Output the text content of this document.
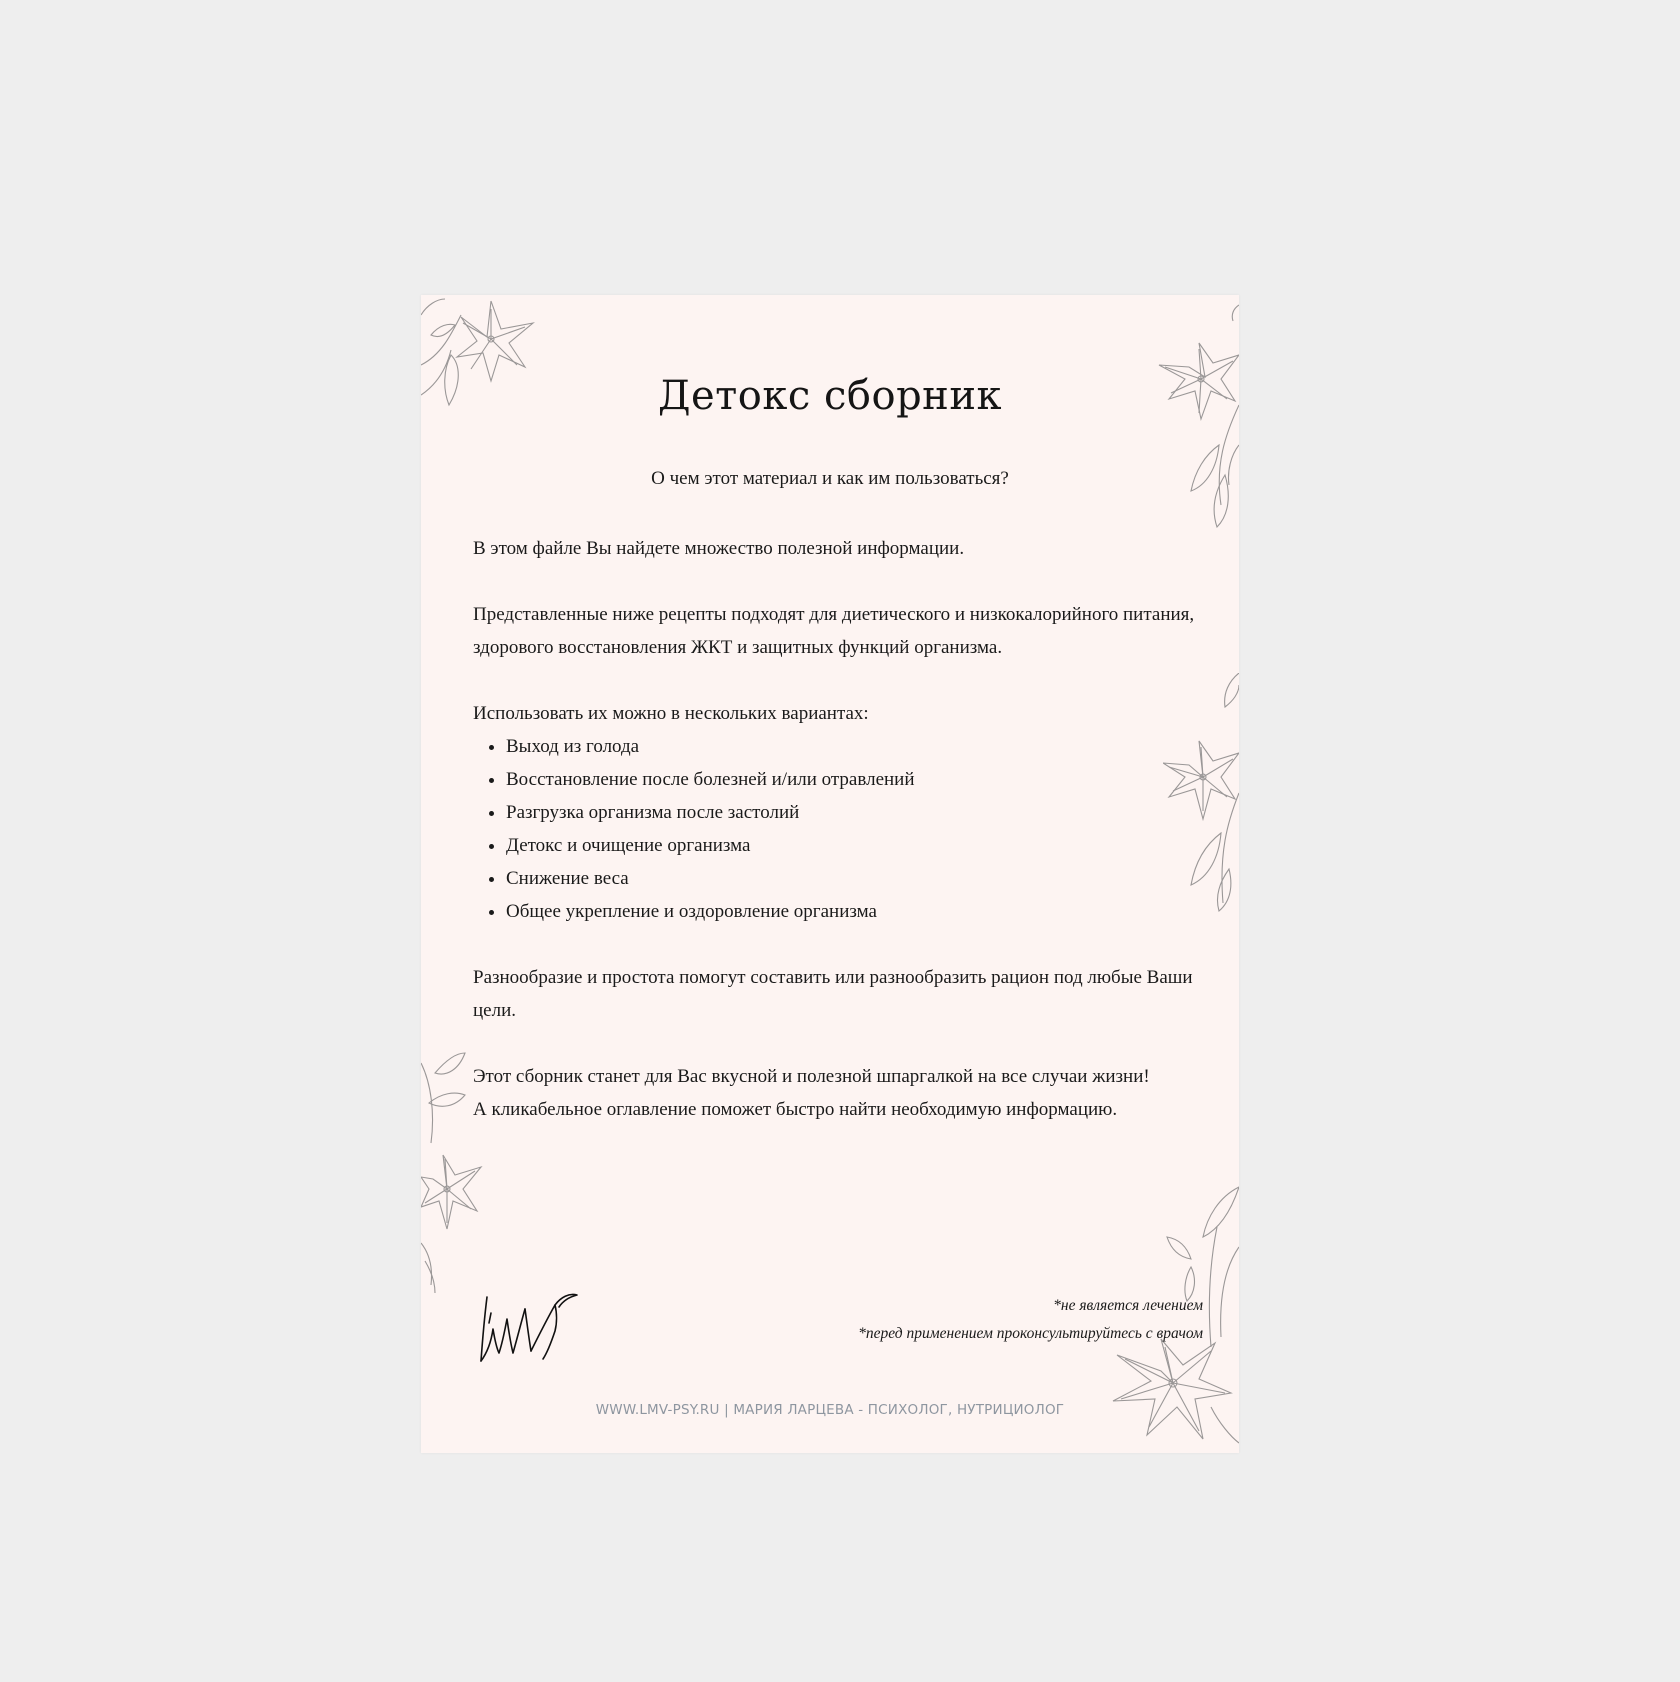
Детокс сборник
О чем этот материал и как им пользоваться?

В этом файле Вы найдете множество полезной информации.

Представленные ниже рецепты подходят для диетического и низкокалорийного питания, здорового восстановления ЖКТ и защитных функций организма.

Использовать их можно в нескольких вариантах:

• Выход из голода
• Восстановление после болезней и/или отравлений
• Разгрузка организма после застолий
• Детокс и очищение организма
• Снижение веса
• Общее укрепление и оздоровление организма

Разнообразие и простота помогут составить или разнообразить рацион под любые Ваши цели.

Этот сборник станет для Вас вкусной и полезной шпаргалкой на все случаи жизни!

А кликабельное оглавление поможет быстро найти необходимую информацию.

*не является лечением
*перед применением проконсультируйтесь с врачом
WWW.LMV-PSY.RU | МАРИЯ ЛАРЦЕВА - ПСИХОЛОГ, НУТРИЦИОЛОГ
